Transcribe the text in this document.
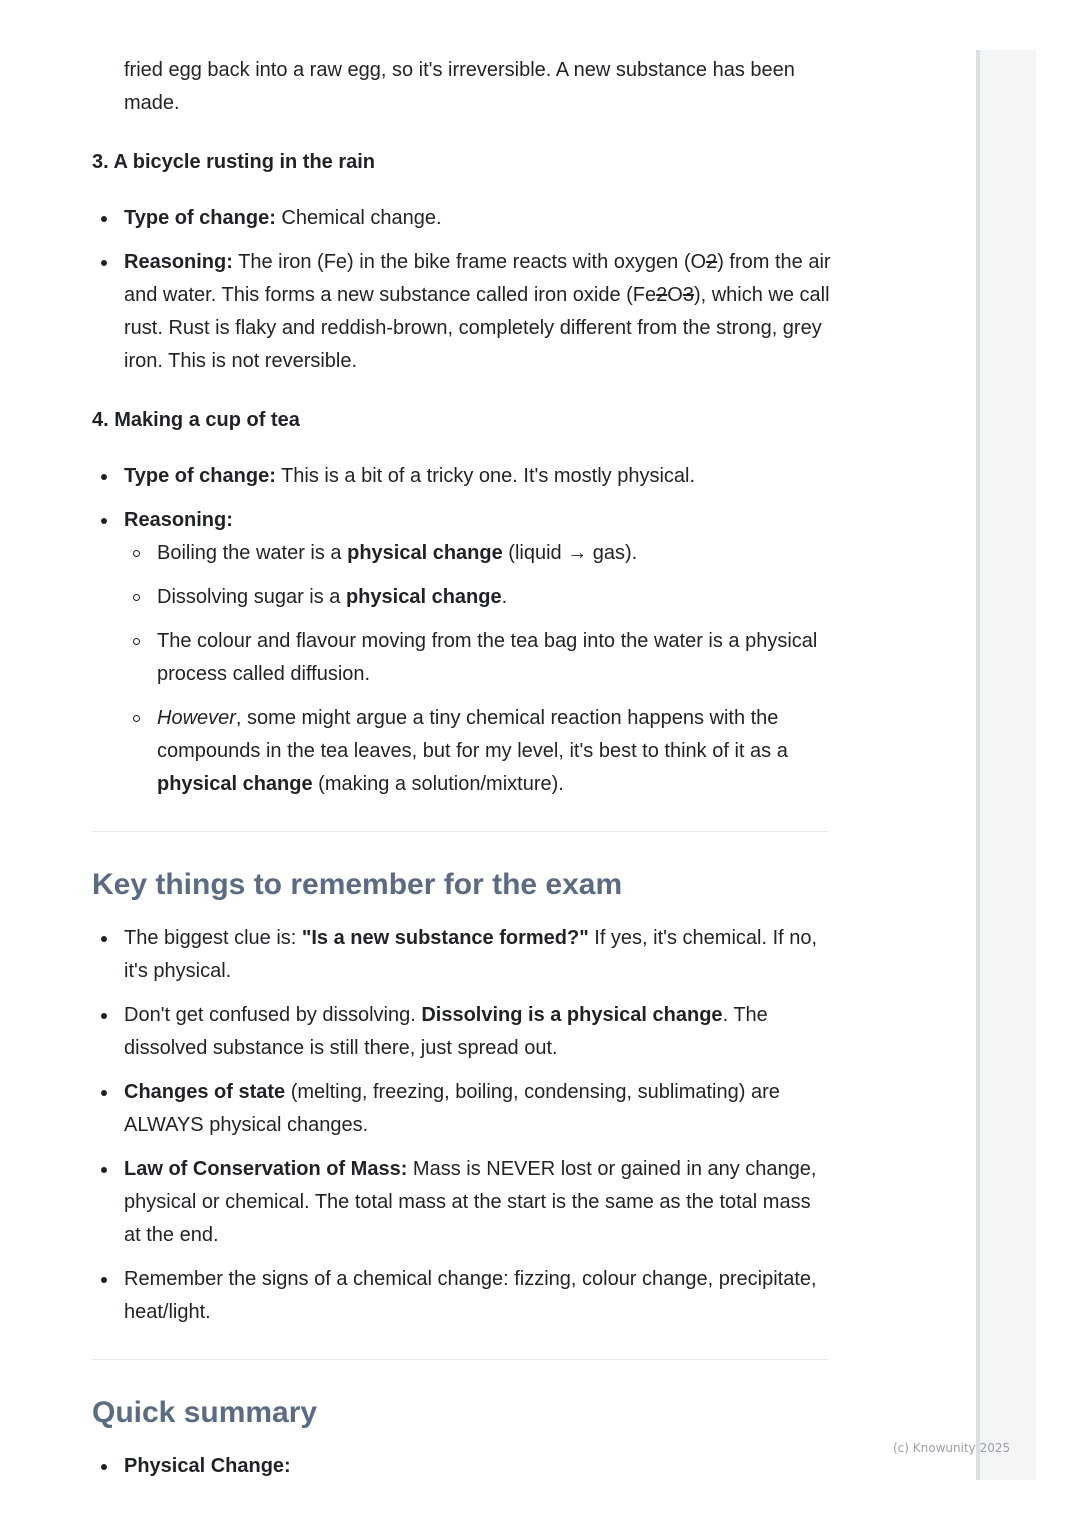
fried egg back into a raw egg, so it's irreversible. A new substance has been made.

3. A bicycle rusting in the rain

Type of change: Chemical change.
Reasoning: The iron (Fe) in the bike frame reacts with oxygen (O2) from the air and water. This forms a new substance called iron oxide (Fe2O3), which we call rust. Rust is flaky and reddish-brown, completely different from the strong, grey iron. This is not reversible.

4. Making a cup of tea

Type of change: This is a bit of a tricky one. It's mostly physical.
Reasoning:
Boiling the water is a physical change (liquid → gas).
Dissolving sugar is a physical change.
The colour and flavour moving from the tea bag into the water is a physical process called diffusion.
However, some might argue a tiny chemical reaction happens with the compounds in the tea leaves, but for my level, it's best to think of it as a physical change (making a solution/mixture).
Key things to remember for the exam
The biggest clue is: "Is a new substance formed?" If yes, it's chemical. If no, it's physical.
Don't get confused by dissolving. Dissolving is a physical change. The dissolved substance is still there, just spread out.
Changes of state (melting, freezing, boiling, condensing, sublimating) are ALWAYS physical changes.
Law of Conservation of Mass: Mass is NEVER lost or gained in any change, physical or chemical. The total mass at the start is the same as the total mass at the end.
Remember the signs of a chemical change: fizzing, colour change, precipitate, heat/light.
Quick summary
Physical Change:
(c) Knowunity 2025
